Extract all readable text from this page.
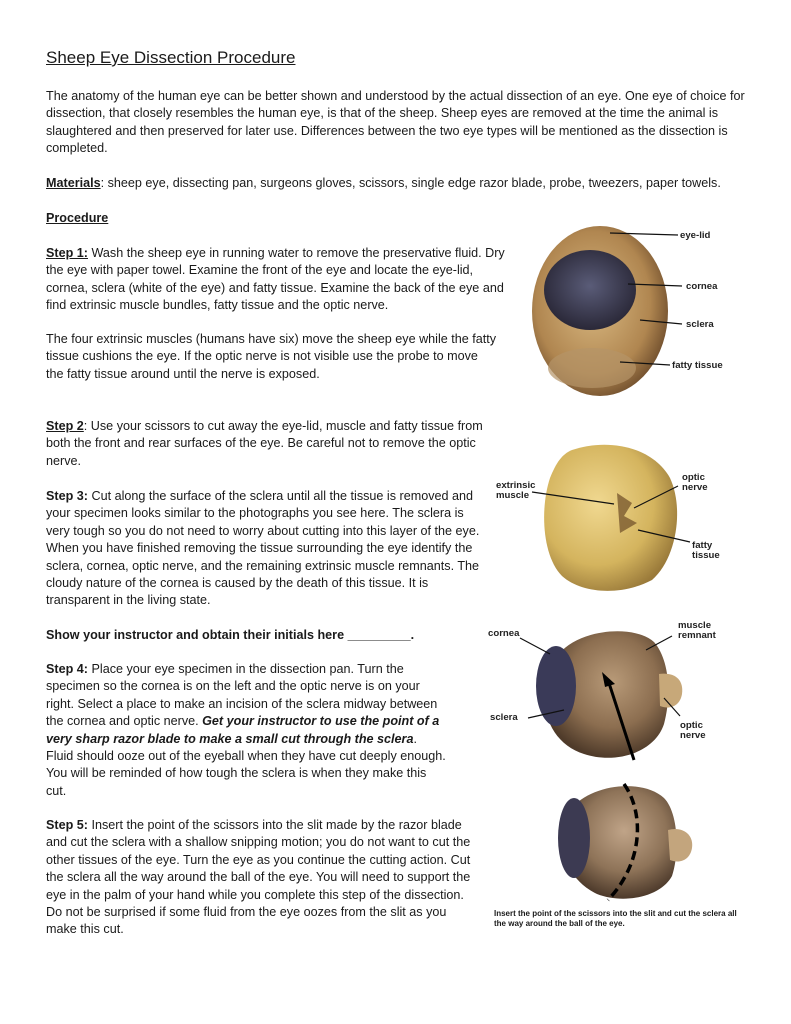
Sheep Eye Dissection Procedure

The anatomy of the human eye can be better shown and understood by the actual dissection of an eye. One eye of choice for dissection, that closely resembles the human eye, is that of the sheep. Sheep eyes are removed at the time the animal is slaughtered and then preserved for later use. Differences between the two eye types will be mentioned as the dissection is completed.

Materials: sheep eye, dissecting pan, surgeons gloves, scissors, single edge razor blade, probe, tweezers, paper towels.

Procedure

Step 1: Wash the sheep eye in running water to remove the preservative fluid. Dry the eye with paper towel. Examine the front of the eye and locate the eye-lid, cornea, sclera (white of the eye) and fatty tissue. Examine the back of the eye and find extrinsic muscle bundles, fatty tissue and the optic nerve.

The four extrinsic muscles (humans have six) move the sheep eye while the fatty tissue cushions the eye. If the optic nerve is not visible use the probe to move the fatty tissue around until the nerve is exposed.

Step 2: Use your scissors to cut away the eye-lid, muscle and fatty tissue from both the front and rear surfaces of the eye. Be careful not to remove the optic nerve.

Step 3: Cut along the surface of the sclera until all the tissue is removed and your specimen looks similar to the photographs you see here. The sclera is very tough so you do not need to worry about cutting into this layer of the eye. When you have finished removing the tissue surrounding the eye identify the sclera, cornea, optic nerve, and the remaining extrinsic muscle remnants. The cloudy nature of the cornea is caused by the death of this tissue. It is transparent in the living state.

Show your instructor and obtain their initials here _________.

Step 4: Place your eye specimen in the dissection pan. Turn the specimen so the cornea is on the left and the optic nerve is on your right. Select a place to make an incision of the sclera midway between the cornea and optic nerve. Get your instructor to use the point of a very sharp razor blade to make a small cut through the sclera. Fluid should ooze out of the eyeball when they have cut deeply enough. You will be reminded of how tough the sclera is when they make this cut.

Step 5: Insert the point of the scissors into the slit made by the razor blade and cut the sclera with a shallow snipping motion; you do not want to cut the other tissues of the eye. Turn the eye as you continue the cutting action. Cut the sclera all the way around the ball of the eye. You will need to support the eye in the palm of your hand while you complete this step of the dissection. Do not be surprised if some fluid from the eye oozes from the slit as you make this cut.

eye-lid
cornea
sclera
fatty tissue
extrinsic
muscle
optic
nerve
fatty
tissue
cornea
sclera
muscle
remnant
optic
nerve
Insert the point of the scissors into the slit and cut the sclera all the way around the ball of the eye.
